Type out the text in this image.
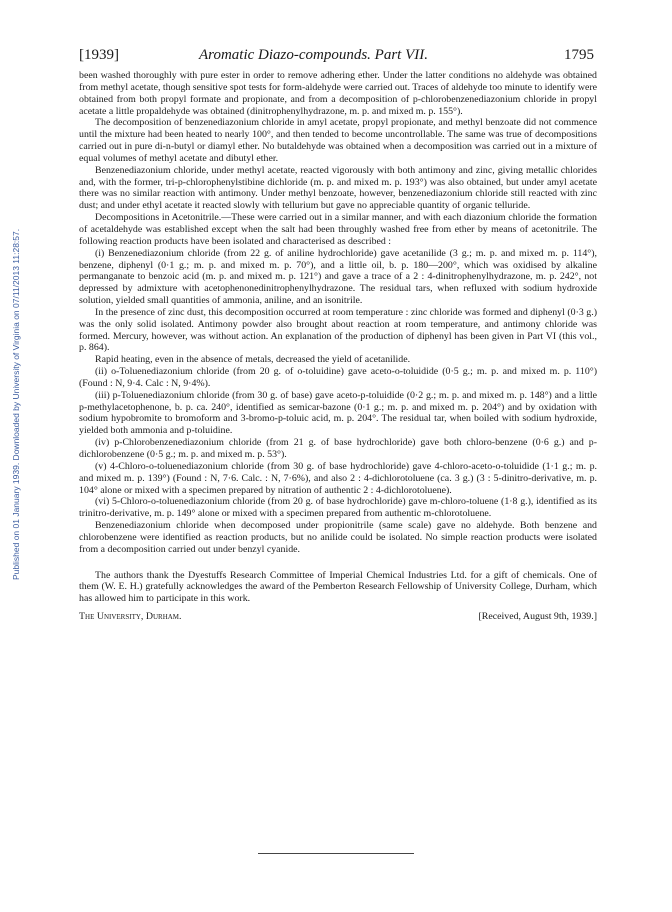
Published on 01 January 1939. Downloaded by University of Virginia on 07/11/2013 11:28:57.
[1939]	Aromatic Diazo-compounds. Part VII.	1795

been washed thoroughly with pure ester in order to remove adhering ether. Under the latter conditions no aldehyde was obtained from methyl acetate, though sensitive spot tests for form-aldehyde were carried out. Traces of aldehyde too minute to identify were obtained from both propyl formate and propionate, and from a decomposition of p-chlorobenzenediazonium chloride in propyl acetate a little propaldehyde was obtained (dinitrophenylhydrazone, m. p. and mixed m. p. 155°).

The decomposition of benzenediazonium chloride in amyl acetate, propyl propionate, and methyl benzoate did not commence until the mixture had been heated to nearly 100°, and then tended to become uncontrollable. The same was true of decompositions carried out in pure di-n-butyl or diamyl ether. No butaldehyde was obtained when a decomposition was carried out in a mixture of equal volumes of methyl acetate and dibutyl ether.

Benzenediazonium chloride, under methyl acetate, reacted vigorously with both antimony and zinc, giving metallic chlorides and, with the former, tri-p-chlorophenylstibine dichloride (m. p. and mixed m. p. 193°) was also obtained, but under amyl acetate there was no similar reaction with antimony. Under methyl benzoate, however, benzenediazonium chloride still reacted with zinc dust; and under ethyl acetate it reacted slowly with tellurium but gave no appreciable quantity of organic telluride.

Decompositions in Acetonitrile.—These were carried out in a similar manner, and with each diazonium chloride the formation of acetaldehyde was established except when the salt had been throughly washed free from ether by means of acetonitrile. The following reaction products have been isolated and characterised as described :

(i) Benzenediazonium chloride (from 22 g. of aniline hydrochloride) gave acetanilide (3 g.; m. p. and mixed m. p. 114°), benzene, diphenyl (0·1 g.; m. p. and mixed m. p. 70°), and a little oil, b. p. 180—200°, which was oxidised by alkaline permanganate to benzoic acid (m. p. and mixed m. p. 121°) and gave a trace of a 2 : 4-dinitrophenylhydrazone, m. p. 242°, not depressed by admixture with acetophenonedinitrophenylhydrazone. The residual tars, when refluxed with sodium hydroxide solution, yielded small quantities of ammonia, aniline, and an isonitrile.

In the presence of zinc dust, this decomposition occurred at room temperature : zinc chloride was formed and diphenyl (0·3 g.) was the only solid isolated. Antimony powder also brought about reaction at room temperature, and antimony chloride was formed. Mercury, however, was without action. An explanation of the production of diphenyl has been given in Part VI (this vol., p. 864).

Rapid heating, even in the absence of metals, decreased the yield of acetanilide.

(ii) o-Toluenediazonium chloride (from 20 g. of o-toluidine) gave aceto-o-toluidide (0·5 g.; m. p. and mixed m. p. 110°) (Found : N, 9·4. Calc : N, 9·4%).

(iii) p-Toluenediazonium chloride (from 30 g. of base) gave aceto-p-toluidide (0·2 g.; m. p. and mixed m. p. 148°) and a little p-methylacetophenone, b. p. ca. 240°, identified as semicar-bazone (0·1 g.; m. p. and mixed m. p. 204°) and by oxidation with sodium hypobromite to bromoform and 3-bromo-p-toluic acid, m. p. 204°. The residual tar, when boiled with sodium hydroxide, yielded both ammonia and p-toluidine.

(iv) p-Chlorobenzenediazonium chloride (from 21 g. of base hydrochloride) gave both chloro-benzene (0·6 g.) and p-dichlorobenzene (0·5 g.; m. p. and mixed m. p. 53°).

(v) 4-Chloro-o-toluenediazonium chloride (from 30 g. of base hydrochloride) gave 4-chloro-aceto-o-toluidide (1·1 g.; m. p. and mixed m. p. 139°) (Found : N, 7·6. Calc. : N, 7·6%), and also 2 : 4-dichlorotoluene (ca. 3 g.) (3 : 5-dinitro-derivative, m. p. 104° alone or mixed with a specimen prepared by nitration of authentic 2 : 4-dichlorotoluene).

(vi) 5-Chloro-o-toluenediazonium chloride (from 20 g. of base hydrochloride) gave m-chloro-toluene (1·8 g.), identified as its trinitro-derivative, m. p. 149° alone or mixed with a specimen prepared from authentic m-chlorotoluene.

Benzenediazonium chloride when decomposed under propionitrile (same scale) gave no aldehyde. Both benzene and chlorobenzene were identified as reaction products, but no anilide could be isolated. No simple reaction products were isolated from a decomposition carried out under benzyl cyanide.

The authors thank the Dyestuffs Research Committee of Imperial Chemical Industries Ltd. for a gift of chemicals. One of them (W. E. H.) gratefully acknowledges the award of the Pemberton Research Fellowship of University College, Durham, which has allowed him to participate in this work.

The University, Durham.	[Received, August 9th, 1939.]
